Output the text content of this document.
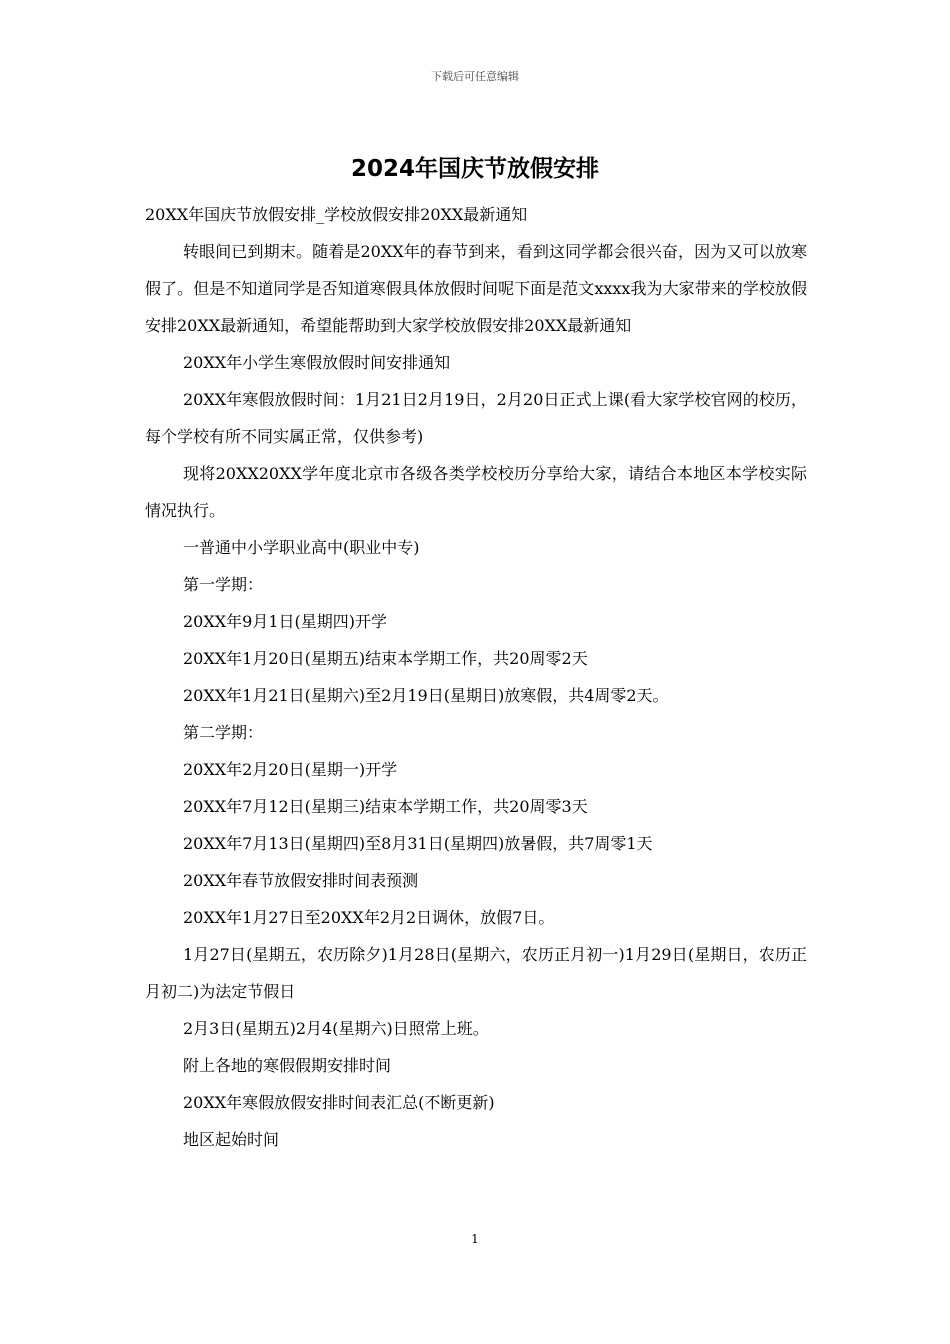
下载后可任意编辑
2024年国庆节放假安排

20XX年国庆节放假安排_学校放假安排20XX最新通知

转眼间已到期末。随着是20XX年的春节到来，看到这同学都会很兴奋，因为又可以放寒假了。但是不知道同学是否知道寒假具体放假时间呢下面是范文xxxx我为大家带来的学校放假安排20XX最新通知，希望能帮助到大家学校放假安排20XX最新通知

20XX年小学生寒假放假时间安排通知

20XX年寒假放假时间：1月21日2月19日，2月20日正式上课(看大家学校官网的校历，每个学校有所不同实属正常，仅供参考)

现将20XX20XX学年度北京市各级各类学校校历分享给大家，请结合本地区本学校实际情况执行。

一普通中小学职业高中(职业中专)

第一学期：

20XX年9月1日(星期四)开学

20XX年1月20日(星期五)结束本学期工作，共20周零2天

20XX年1月21日(星期六)至2月19日(星期日)放寒假，共4周零2天。

第二学期：

20XX年2月20日(星期一)开学

20XX年7月12日(星期三)结束本学期工作，共20周零3天

20XX年7月13日(星期四)至8月31日(星期四)放暑假，共7周零1天

20XX年春节放假安排时间表预测

20XX年1月27日至20XX年2月2日调休，放假7日。

1月27日(星期五，农历除夕)1月28日(星期六，农历正月初一)1月29日(星期日，农历正月初二)为法定节假日

2月3日(星期五)2月4(星期六)日照常上班。

附上各地的寒假假期安排时间

20XX年寒假放假安排时间表汇总(不断更新)

地区起始时间

1
